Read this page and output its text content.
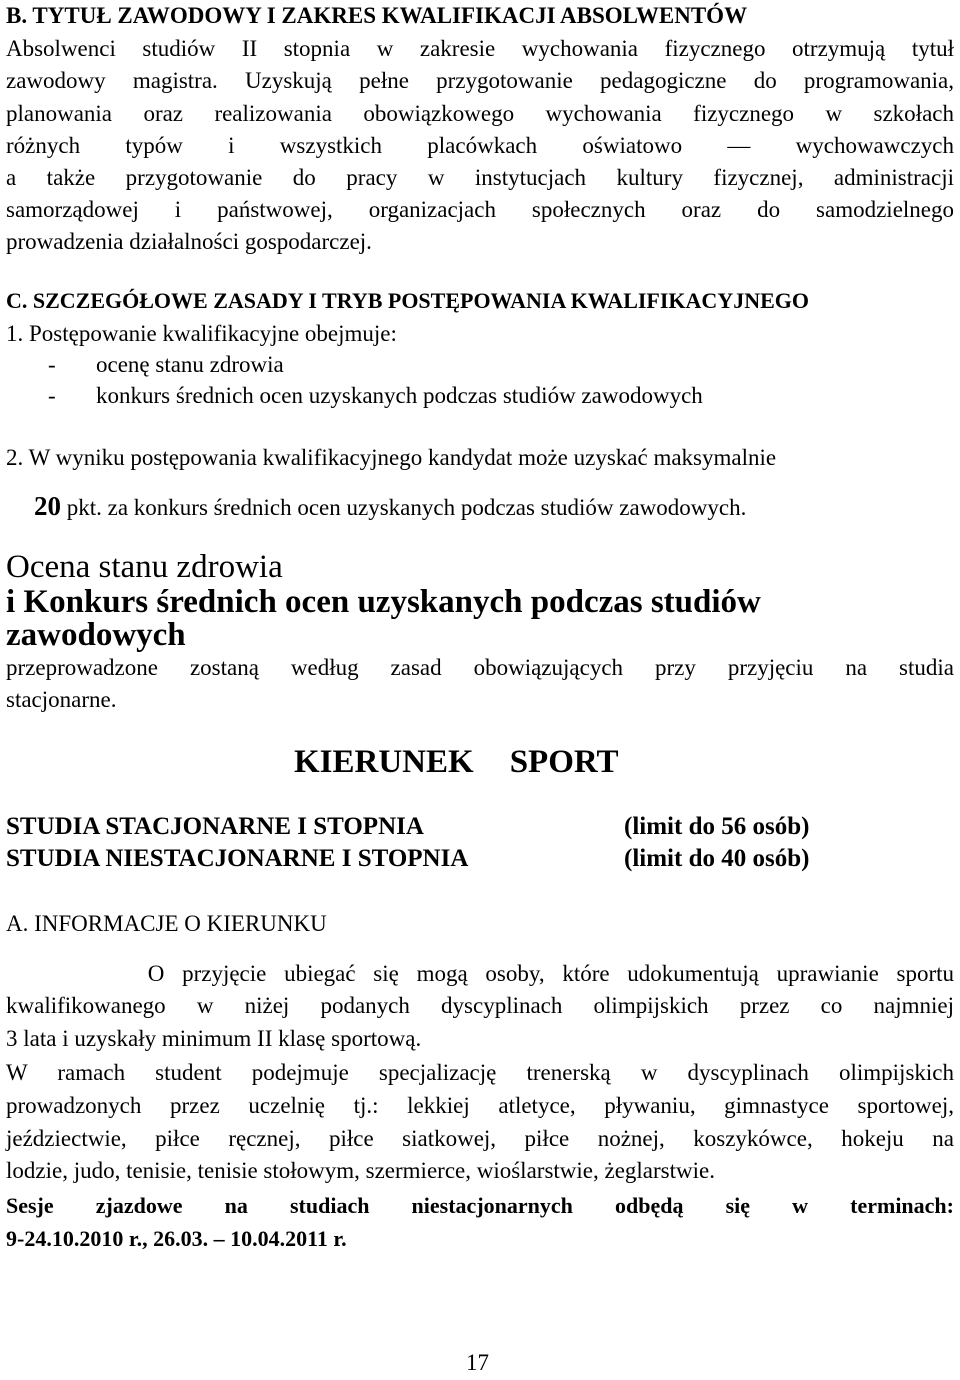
B. TYTUŁ ZAWODOWY I ZAKRES KWALIFIKACJI ABSOLWENTÓW
Absolwenci studiów II stopnia w zakresie wychowania fizycznego otrzymują tytuł
zawodowy magistra. Uzyskują pełne przygotowanie pedagogiczne do programowania,
planowania oraz realizowania obowiązkowego wychowania fizycznego w szkołach
różnych typów i wszystkich placówkach oświatowo — wychowawczych
a także przygotowanie do pracy w instytucjach kultury fizycznej, administracji
samorządowej i państwowej, organizacjach społecznych oraz do samodzielnego
prowadzenia działalności gospodarczej.
C. SZCZEGÓŁOWE ZASADY I TRYB POSTĘPOWANIA KWALIFIKACYJNEGO
1. Postępowanie kwalifikacyjne obejmuje:
- ocenę stanu zdrowia
- konkurs średnich ocen uzyskanych podczas studiów zawodowych
2. W wyniku postępowania kwalifikacyjnego kandydat może uzyskać maksymalnie
20 pkt. za konkurs średnich ocen uzyskanych podczas studiów zawodowych.
Ocena stanu zdrowia
i Konkurs średnich ocen uzyskanych podczas studiów
zawodowych
przeprowadzone zostaną według zasad obowiązujących przy przyjęciu na studia
stacjonarne.
KIERUNEK SPORT
STUDIA STACJONARNE I STOPNIA	(limit do 56 osób)
STUDIA NIESTACJONARNE I STOPNIA	(limit do 40 osób)
A. INFORMACJE O KIERUNKU
O przyjęcie ubiegać się mogą osoby, które udokumentują uprawianie sportu
kwalifikowanego w niżej podanych dyscyplinach olimpijskich przez co najmniej
3 lata i uzyskały minimum II klasę sportową.
W ramach student podejmuje specjalizację trenerską w dyscyplinach olimpijskich
prowadzonych przez uczelnię tj.: lekkiej atletyce, pływaniu, gimnastyce sportowej,
jeździectwie, piłce ręcznej, piłce siatkowej, piłce nożnej, koszykówce, hokeju na
lodzie, judo, tenisie, tenisie stołowym, szermierce, wioślarstwie, żeglarstwie.
Sesje zjazdowe na studiach niestacjonarnych odbędą się w terminach:
9-24.10.2010 r., 26.03. – 10.04.2011 r.
17
